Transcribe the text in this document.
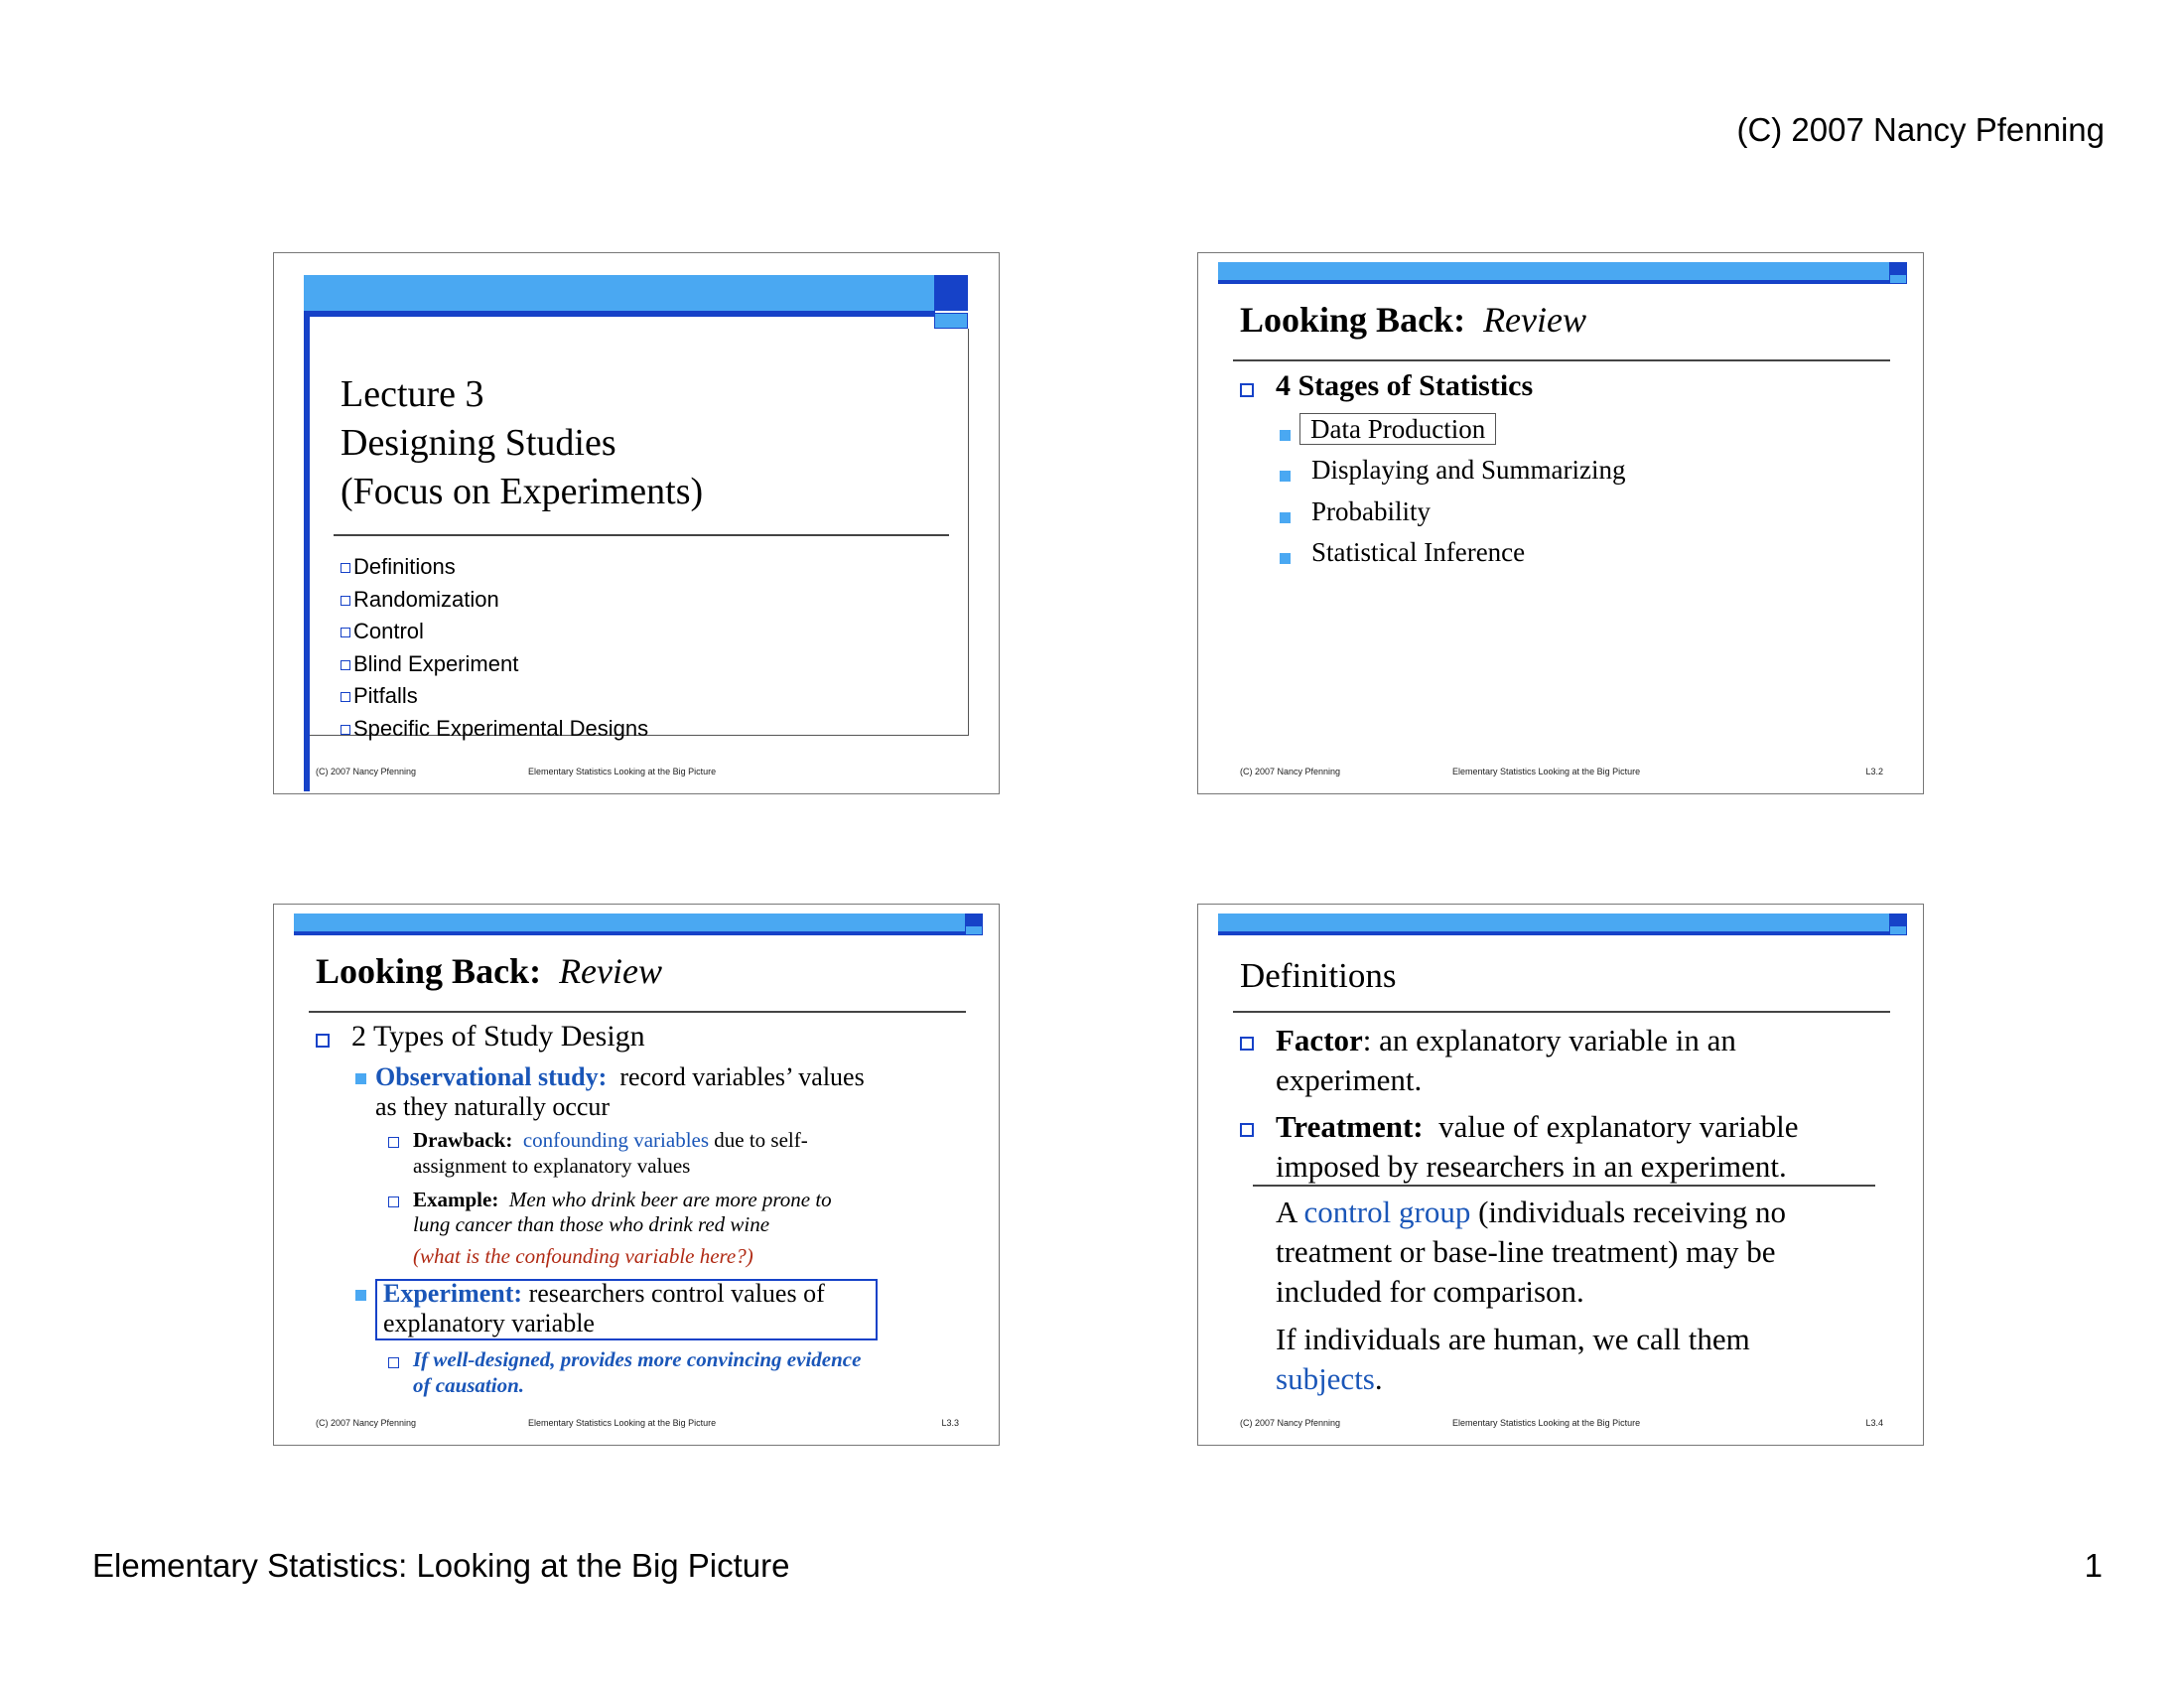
(C) 2007 Nancy Pfenning
Lecture 3
Designing Studies
(Focus on Experiments)
Definitions
Randomization
Control
Blind Experiment
Pitfalls
Specific Experimental Designs
(C) 2007 Nancy Pfenning	Elementary Statistics Looking at the Big Picture
Looking Back: Review
4 Stages of Statistics
Data Production
Displaying and Summarizing
Probability
Statistical Inference
(C) 2007 Nancy Pfenning	Elementary Statistics Looking at the Big Picture	L3.2
Looking Back: Review
2 Types of Study Design
Observational study: record variables’ values
as they naturally occur
Drawback: confounding variables due to self-
assignment to explanatory values
Example: Men who drink beer are more prone to
lung cancer than those who drink red wine
(what is the confounding variable here?)
Experiment: researchers control values of
explanatory variable
If well-designed, provides more convincing evidence
of causation.
(C) 2007 Nancy Pfenning	Elementary Statistics Looking at the Big Picture	L3.3
Definitions
Factor: an explanatory variable in an
experiment.
Treatment: value of explanatory variable
imposed by researchers in an experiment.
A control group (individuals receiving no
treatment or base-line treatment) may be
included for comparison.
If individuals are human, we call them
subjects.
(C) 2007 Nancy Pfenning	Elementary Statistics Looking at the Big Picture	L3.4
Elementary Statistics: Looking at the Big Picture	1
